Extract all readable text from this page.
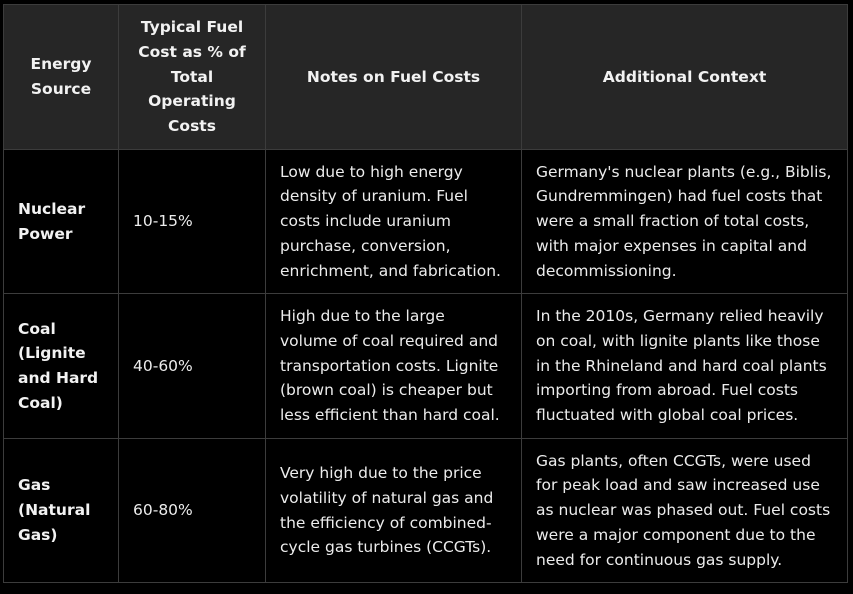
Energy Source	Typical Fuel Cost as % of Total Operating Costs	Notes on Fuel Costs	Additional Context
Nuclear Power	10-15%	Low due to high energy density of uranium. Fuel costs include uranium purchase, conversion, enrichment, and fabrication.	Germany's nuclear plants (e.g., Biblis, Gundremmingen) had fuel costs that were a small fraction of total costs, with major expenses in capital and decommissioning.
Coal (Lignite and Hard Coal)	40-60%	High due to the large volume of coal required and transportation costs. Lignite (brown coal) is cheaper but less efficient than hard coal.	In the 2010s, Germany relied heavily on coal, with lignite plants like those in the Rhineland and hard coal plants importing from abroad. Fuel costs fluctuated with global coal prices.
Gas (Natural Gas)	60-80%	Very high due to the price volatility of natural gas and the efficiency of combined-cycle gas turbines (CCGTs).	Gas plants, often CCGTs, were used for peak load and saw increased use as nuclear was phased out. Fuel costs were a major component due to the need for continuous gas supply.
